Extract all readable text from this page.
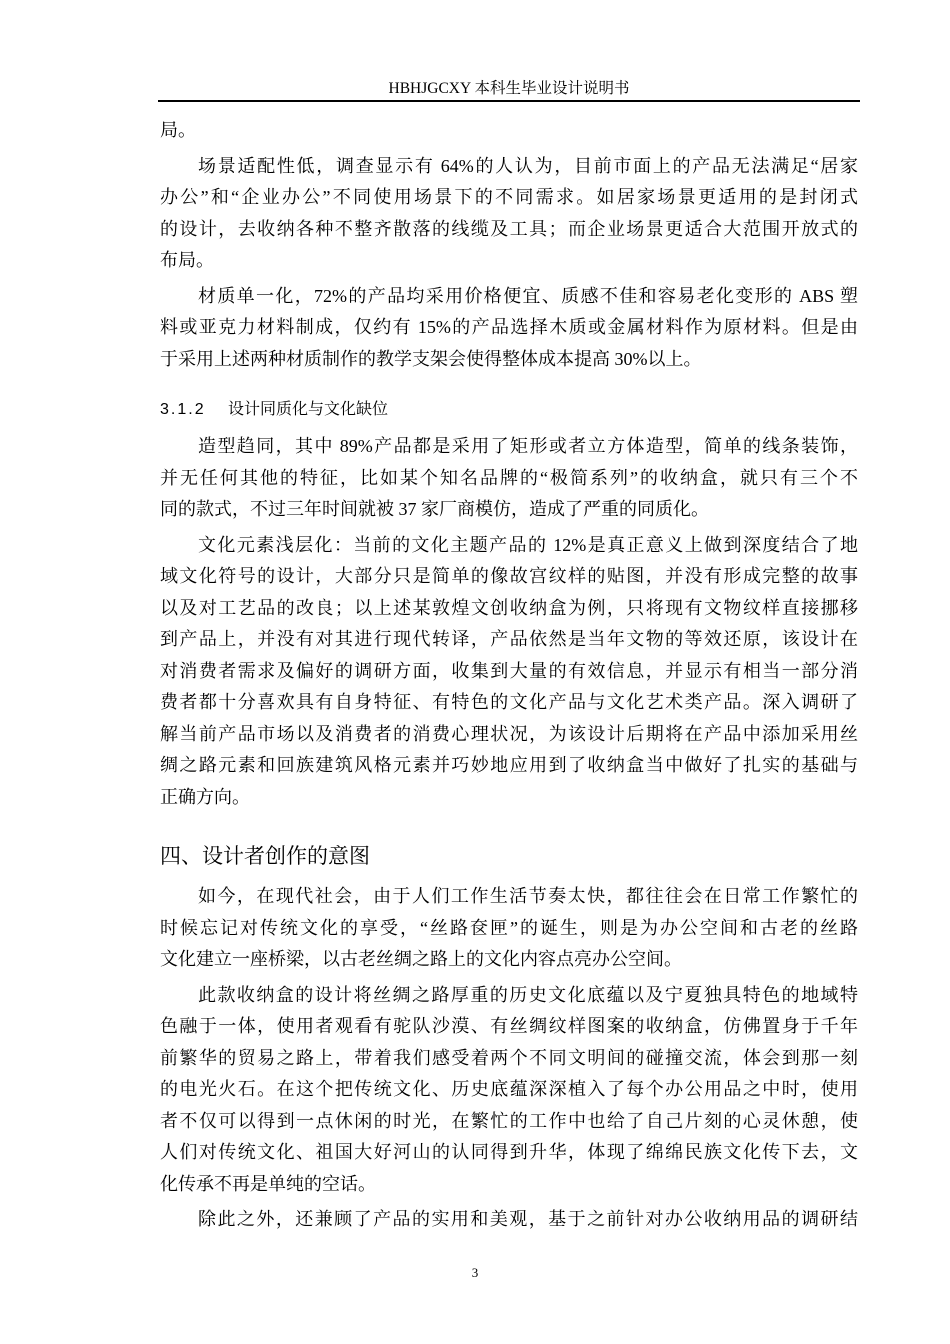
HBHJGCXY 本科生毕业设计说明书
局。
场景适配性低，调查显示有 64%的人认为，目前市面上的产品无法满足“居家
办公”和“企业办公”不同使用场景下的不同需求。如居家场景更适用的是封闭式
的设计，去收纳各种不整齐散落的线缆及工具；而企业场景更适合大范围开放式的
布局。
材质单一化，72%的产品均采用价格便宜、质感不佳和容易老化变形的 ABS 塑
料或亚克力材料制成，仅约有 15%的产品选择木质或金属材料作为原材料。但是由
于采用上述两种材质制作的教学支架会使得整体成本提高 30%以上。
3.1.2 设计同质化与文化缺位
造型趋同，其中 89%产品都是采用了矩形或者立方体造型，简单的线条装饰，
并无任何其他的特征，比如某个知名品牌的“极简系列”的收纳盒，就只有三个不
同的款式，不过三年时间就被 37 家厂商模仿，造成了严重的同质化。
文化元素浅层化：当前的文化主题产品的 12%是真正意义上做到深度结合了地
域文化符号的设计，大部分只是简单的像故宫纹样的贴图，并没有形成完整的故事
以及对工艺品的改良；以上述某敦煌文创收纳盒为例，只将现有文物纹样直接挪移
到产品上，并没有对其进行现代转译，产品依然是当年文物的等效还原，该设计在
对消费者需求及偏好的调研方面，收集到大量的有效信息，并显示有相当一部分消
费者都十分喜欢具有自身特征、有特色的文化产品与文化艺术类产品。深入调研了
解当前产品市场以及消费者的消费心理状况，为该设计后期将在产品中添加采用丝
绸之路元素和回族建筑风格元素并巧妙地应用到了收纳盒当中做好了扎实的基础与
正确方向。
四、设计者创作的意图
如今，在现代社会，由于人们工作生活节奏太快，都往往会在日常工作繁忙的
时候忘记对传统文化的享受，“丝路奁匣”的诞生，则是为办公空间和古老的丝路
文化建立一座桥梁，以古老丝绸之路上的文化内容点亮办公空间。
此款收纳盒的设计将丝绸之路厚重的历史文化底蕴以及宁夏独具特色的地域特
色融于一体，使用者观看有驼队沙漠、有丝绸纹样图案的收纳盒，仿佛置身于千年
前繁华的贸易之路上，带着我们感受着两个不同文明间的碰撞交流，体会到那一刻
的电光火石。在这个把传统文化、历史底蕴深深植入了每个办公用品之中时，使用
者不仅可以得到一点休闲的时光，在繁忙的工作中也给了自己片刻的心灵休憩，使
人们对传统文化、祖国大好河山的认同得到升华，体现了绵绵民族文化传下去，文
化传承不再是单纯的空话。
除此之外，还兼顾了产品的实用和美观，基于之前针对办公收纳用品的调研结
3
